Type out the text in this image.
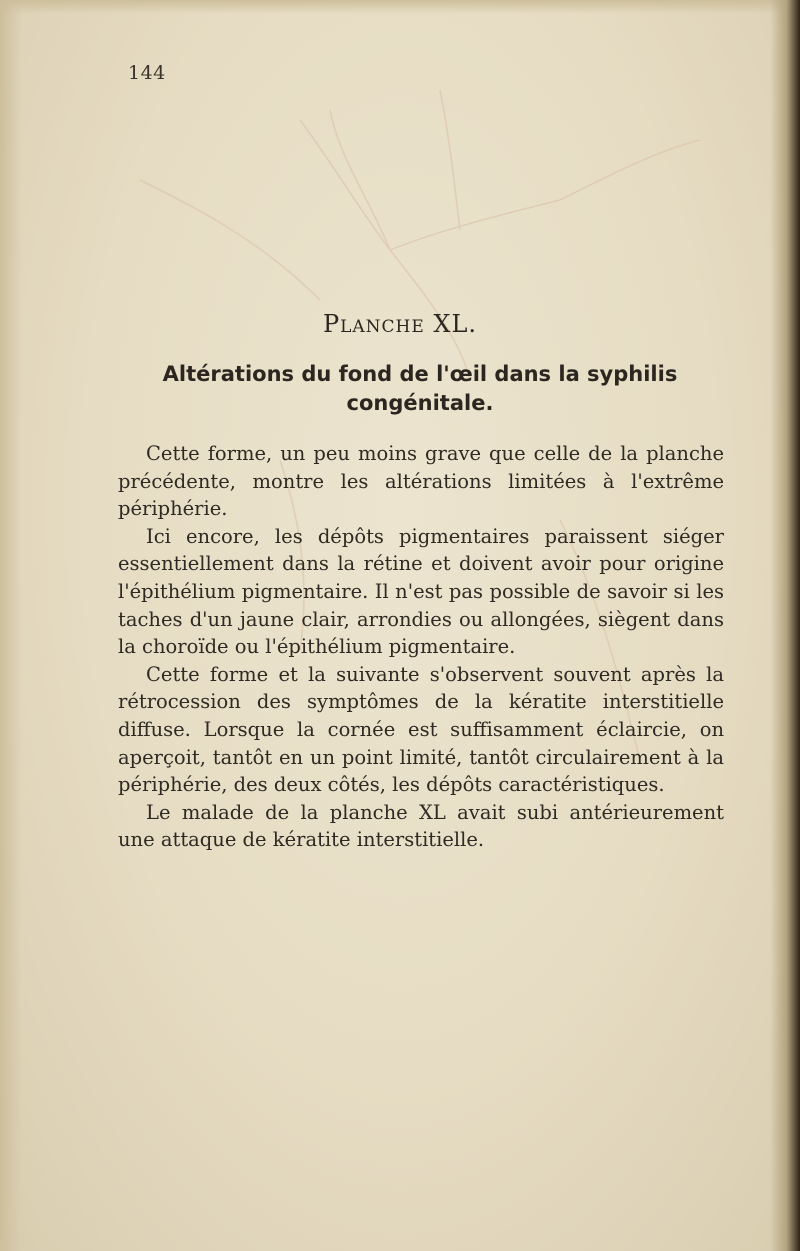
144
Planche XL.
Altérations du fond de l'œil dans la syphilis congénitale.

Cette forme, un peu moins grave que celle de la planche précédente, montre les altérations limitées à l'extrême périphérie.

Ici encore, les dépôts pigmentaires paraissent siéger essentiellement dans la rétine et doivent avoir pour origine l'épithélium pigmentaire. Il n'est pas possible de savoir si les taches d'un jaune clair, arrondies ou allongées, siègent dans la choroïde ou l'épithélium pigmentaire.

Cette forme et la suivante s'observent souvent après la rétrocession des symptômes de la kératite interstitielle diffuse. Lorsque la cornée est suffisamment éclaircie, on aperçoit, tantôt en un point limité, tantôt circulairement à la périphérie, des deux côtés, les dépôts caractéristiques.

Le malade de la planche XL avait subi antérieurement une attaque de kératite interstitielle.
